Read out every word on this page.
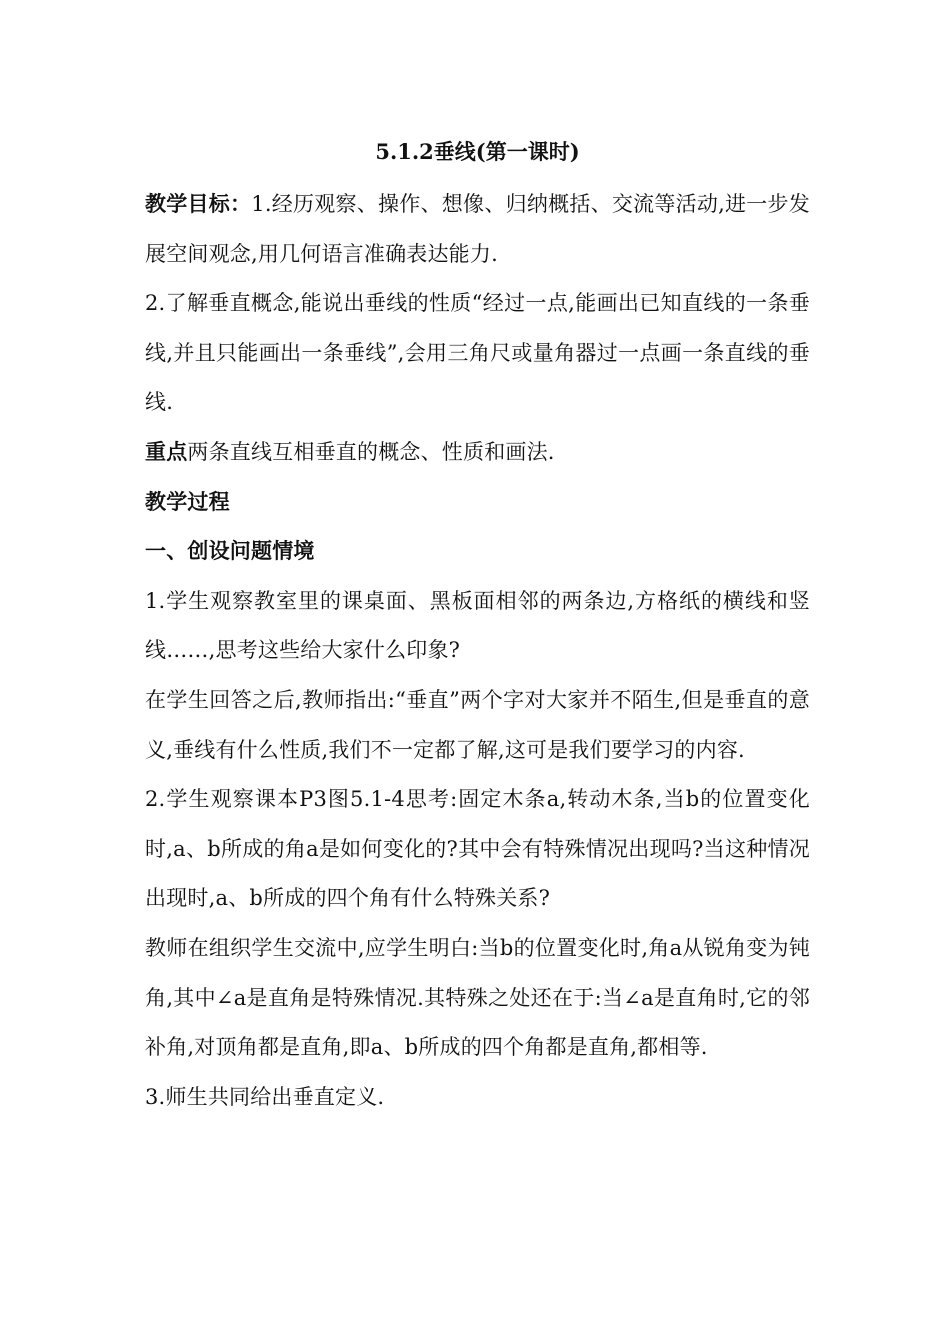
5.1.2垂线(第一课时)

教学目标：1.经历观察、操作、想像、归纳概括、交流等活动,进一步发展空间观念,用几何语言准确表达能力.

2.了解垂直概念,能说出垂线的性质“经过一点,能画出已知直线的一条垂线,并且只能画出一条垂线”,会用三角尺或量角器过一点画一条直线的垂线.

重点两条直线互相垂直的概念、性质和画法.

教学过程

一、创设问题情境

1.学生观察教室里的课桌面、黑板面相邻的两条边,方格纸的横线和竖线……,思考这些给大家什么印象?

在学生回答之后,教师指出:“垂直”两个字对大家并不陌生,但是垂直的意义,垂线有什么性质,我们不一定都了解,这可是我们要学习的内容.

2.学生观察课本P3图5.1-4思考:固定木条a,转动木条,当b的位置变化时,a、b所成的角a是如何变化的?其中会有特殊情况出现吗?当这种情况出现时,a、b所成的四个角有什么特殊关系?

教师在组织学生交流中,应学生明白:当b的位置变化时,角a从锐角变为钝角,其中∠a是直角是特殊情况.其特殊之处还在于:当∠a是直角时,它的邻补角,对顶角都是直角,即a、b所成的四个角都是直角,都相等.

3.师生共同给出垂直定义.
